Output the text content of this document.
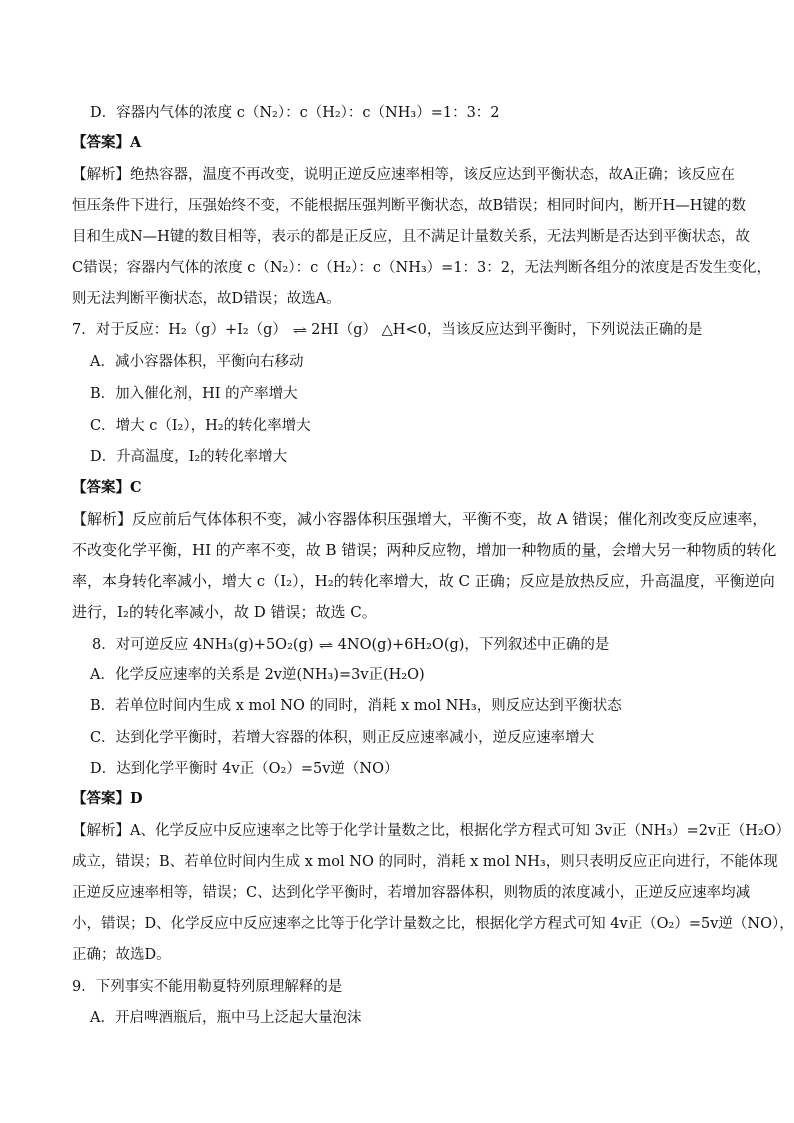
D．容器内气体的浓度 c（N₂）：c（H₂）：c（NH₃）=1：3：2
【答案】A
【解析】绝热容器，温度不再改变，说明正逆反应速率相等，该反应达到平衡状态，故A正确；该反应在
恒压条件下进行，压强始终不变，不能根据压强判断平衡状态，故B错误；相同时间内，断开H—H键的数
目和生成N—H键的数目相等，表示的都是正反应，且不满足计量数关系，无法判断是否达到平衡状态，故
C错误；容器内气体的浓度 c（N₂）：c（H₂）：c（NH₃）=1：3：2，无法判断各组分的浓度是否发生变化，
则无法判断平衡状态，故D错误；故选A。
7．对于反应：H₂（g）+I₂（g） ⇌ 2HI（g） △H<0，当该反应达到平衡时，下列说法正确的是
A．减小容器体积，平衡向右移动
B．加入催化剂，HI 的产率增大
C．增大 c（I₂），H₂的转化率增大
D．升高温度，I₂的转化率增大
【答案】C
【解析】反应前后气体体积不变，减小容器体积压强增大，平衡不变，故 A 错误；催化剂改变反应速率，
不改变化学平衡，HI 的产率不变，故 B 错误；两种反应物，增加一种物质的量，会增大另一种物质的转化
率，本身转化率减小，增大 c（I₂），H₂的转化率增大，故 C 正确；反应是放热反应，升高温度，平衡逆向
进行，I₂的转化率减小，故 D 错误；故选 C。
8．对可逆反应 4NH₃(g)+5O₂(g) ⇌ 4NO(g)+6H₂O(g)，下列叙述中正确的是
A．化学反应速率的关系是 2v逆(NH₃)=3v正(H₂O)
B．若单位时间内生成 x mol NO 的同时，消耗 x mol NH₃，则反应达到平衡状态
C．达到化学平衡时，若增大容器的体积，则正反应速率减小，逆反应速率增大
D．达到化学平衡时 4v正（O₂）=5v逆（NO）
【答案】D
【解析】A、化学反应中反应速率之比等于化学计量数之比，根据化学方程式可知 3v正（NH₃）=2v正（H₂O）
成立，错误；B、若单位时间内生成 x mol NO 的同时，消耗 x mol NH₃，则只表明反应正向进行，不能体现
正逆反应速率相等，错误；C、达到化学平衡时，若增加容器体积，则物质的浓度减小，正逆反应速率均减
小，错误；D、化学反应中反应速率之比等于化学计量数之比，根据化学方程式可知 4v正（O₂）=5v逆（NO），
正确；故选D。
9．下列事实不能用勒夏特列原理解释的是
A．开启啤酒瓶后，瓶中马上泛起大量泡沫
